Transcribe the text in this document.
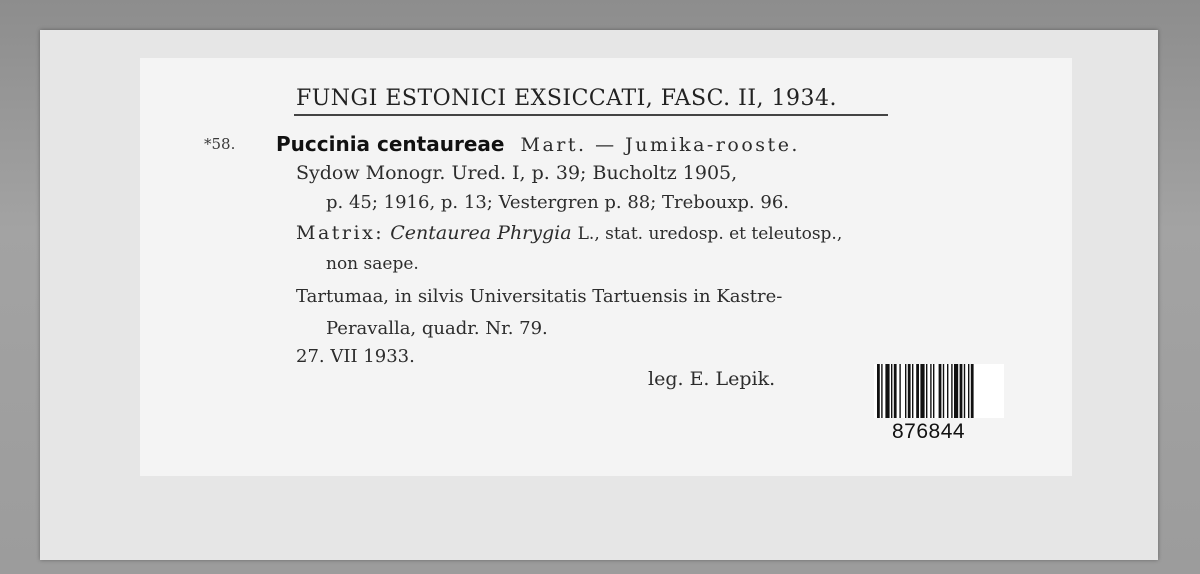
FUNGI ESTONICI EXSICCATI, FASC. II, 1934.
*58. Puccinia centaureae Mart. — Jumika-rooste.
Sydow Monogr. Ured. I, p. 39; Bucholtz 1905,
p. 45; 1916, p. 13; Vestergren p. 88; Trebouxp. 96.
Matrix: Centaurea Phrygia L., stat. uredosp. et teleutosp.,
non saepe.
Tartumaa, in silvis Universitatis Tartuensis in Kastre-
Peravalla, quadr. Nr. 79.
27. VII 1933.
leg. E. Lepik.
876844
